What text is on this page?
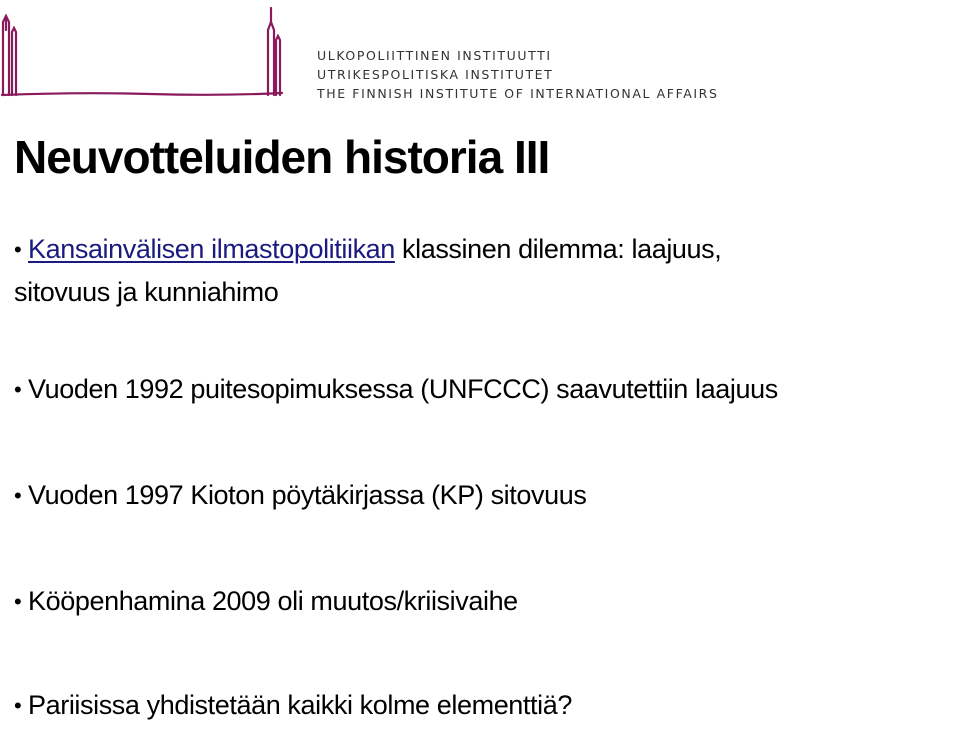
ULKOPOLIITTINEN INSTITUUTTI
UTRIKESPOLITISKA INSTITUTET
THE FINNISH INSTITUTE OF INTERNATIONAL AFFAIRS
Neuvotteluiden historia III
• Kansainvälisen ilmastopolitiikan klassinen dilemma: laajuus,
sitovuus ja kunniahimo
• Vuoden 1992 puitesopimuksessa (UNFCCC) saavutettiin laajuus
• Vuoden 1997 Kioton pöytäkirjassa (KP) sitovuus
• Kööpenhamina 2009 oli muutos/kriisivaihe
• Pariisissa yhdistetään kaikki kolme elementtiä?
